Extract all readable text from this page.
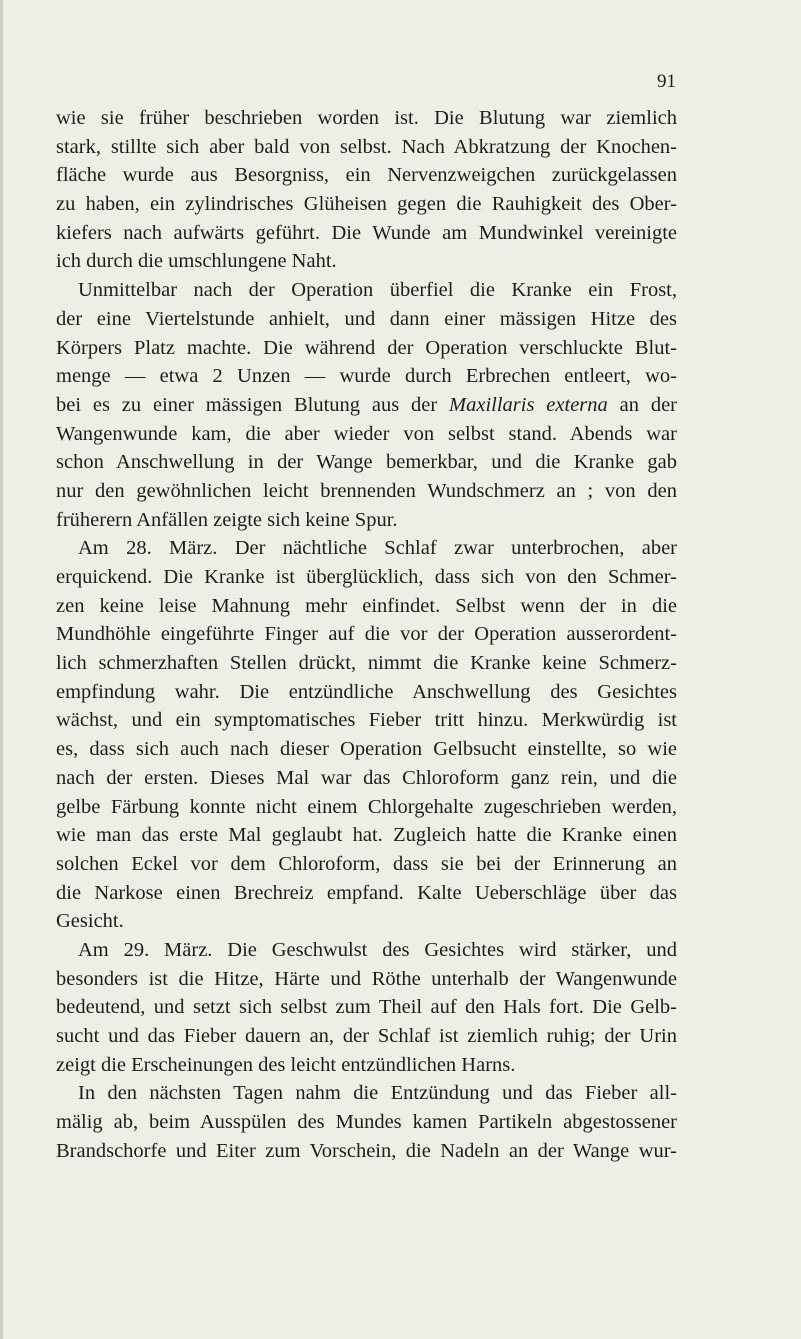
91
wie sie früher beschrieben worden ist. Die Blutung war ziemlich
stark, stillte sich aber bald von selbst. Nach Abkratzung der Knochen-
fläche wurde aus Besorgniss, ein Nervenzweigchen zurückgelassen
zu haben, ein zylindrisches Glüheisen gegen die Rauhigkeit des Ober-
kiefers nach aufwärts geführt. Die Wunde am Mundwinkel vereinigte
ich durch die umschlungene Naht.
Unmittelbar nach der Operation überfiel die Kranke ein Frost,
der eine Viertelstunde anhielt, und dann einer mässigen Hitze des
Körpers Platz machte. Die während der Operation verschluckte Blut-
menge — etwa 2 Unzen — wurde durch Erbrechen entleert, wo-
bei es zu einer mässigen Blutung aus der Maxillaris externa an der
Wangenwunde kam, die aber wieder von selbst stand. Abends war
schon Anschwellung in der Wange bemerkbar, und die Kranke gab
nur den gewöhnlichen leicht brennenden Wundschmerz an ; von den
früherern Anfällen zeigte sich keine Spur.
Am 28. März. Der nächtliche Schlaf zwar unterbrochen, aber
erquickend. Die Kranke ist überglücklich, dass sich von den Schmer-
zen keine leise Mahnung mehr einfindet. Selbst wenn der in die
Mundhöhle eingeführte Finger auf die vor der Operation ausserordent-
lich schmerzhaften Stellen drückt, nimmt die Kranke keine Schmerz-
empfindung wahr. Die entzündliche Anschwellung des Gesichtes
wächst, und ein symptomatisches Fieber tritt hinzu. Merkwürdig ist
es, dass sich auch nach dieser Operation Gelbsucht einstellte, so wie
nach der ersten. Dieses Mal war das Chloroform ganz rein, und die
gelbe Färbung konnte nicht einem Chlorgehalte zugeschrieben werden,
wie man das erste Mal geglaubt hat. Zugleich hatte die Kranke einen
solchen Eckel vor dem Chloroform, dass sie bei der Erinnerung an
die Narkose einen Brechreiz empfand. Kalte Ueberschläge über das
Gesicht.
Am 29. März. Die Geschwulst des Gesichtes wird stärker, und
besonders ist die Hitze, Härte und Röthe unterhalb der Wangenwunde
bedeutend, und setzt sich selbst zum Theil auf den Hals fort. Die Gelb-
sucht und das Fieber dauern an, der Schlaf ist ziemlich ruhig; der Urin
zeigt die Erscheinungen des leicht entzündlichen Harns.
In den nächsten Tagen nahm die Entzündung und das Fieber all-
mälig ab, beim Ausspülen des Mundes kamen Partikeln abgestossener
Brandschorfe und Eiter zum Vorschein, die Nadeln an der Wange wur-
